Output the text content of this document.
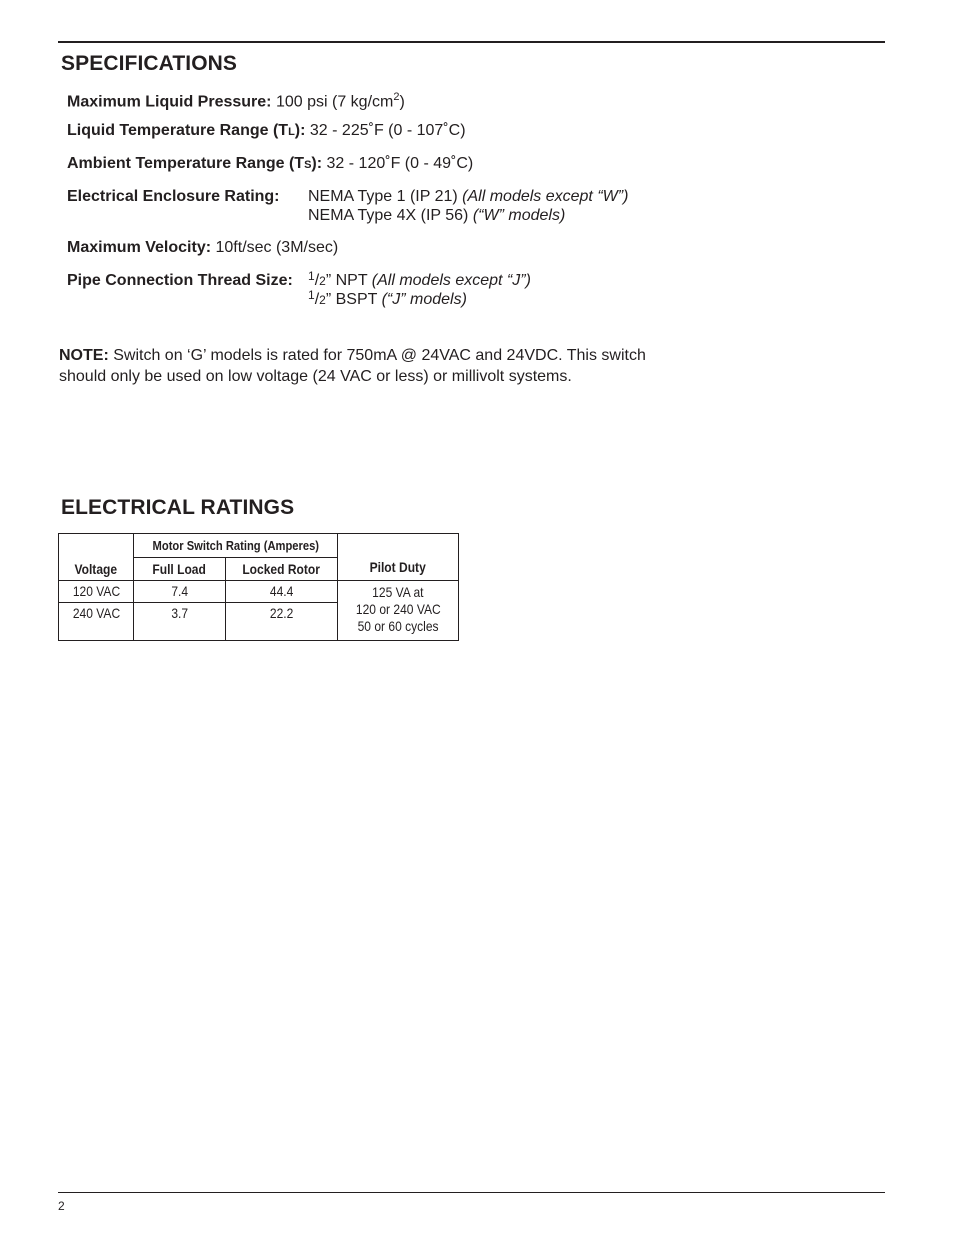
SPECIFICATIONS
Maximum Liquid Pressure: 100 psi (7 $kg/cm^2$)
Liquid Temperature Range (TL): 32 - 225˚F (0 - 107˚C)
Ambient Temperature Range (TS): 32 - 120˚F (0 - 49˚C)
Electrical Enclosure Rating: NEMA Type 1 (IP 21) (All models except “W”)
NEMA Type 4X (IP 56) (“W” models)
Maximum Velocity: 10ft/sec (3M/sec)
Pipe Connection Thread Size: $^1$/2” NPT (All models except “J”)
$^1$/2” BSPT (“J” models)
NOTE: Switch on ‘G’ models is rated for 750mA @ 24VAC and 24VDC. This switch should only be used on low voltage (24 VAC or less) or millivolt systems.
ELECTRICAL RATINGS
	Motor Switch Rating (Amperes)		
Voltage	Full Load	Locked Rotor	Pilot Duty
120 VAC	7.4	44.4	125 VA at
120 or 240 VAC
50 or 60 cycles
240 VAC	3.7	22.2	
2
